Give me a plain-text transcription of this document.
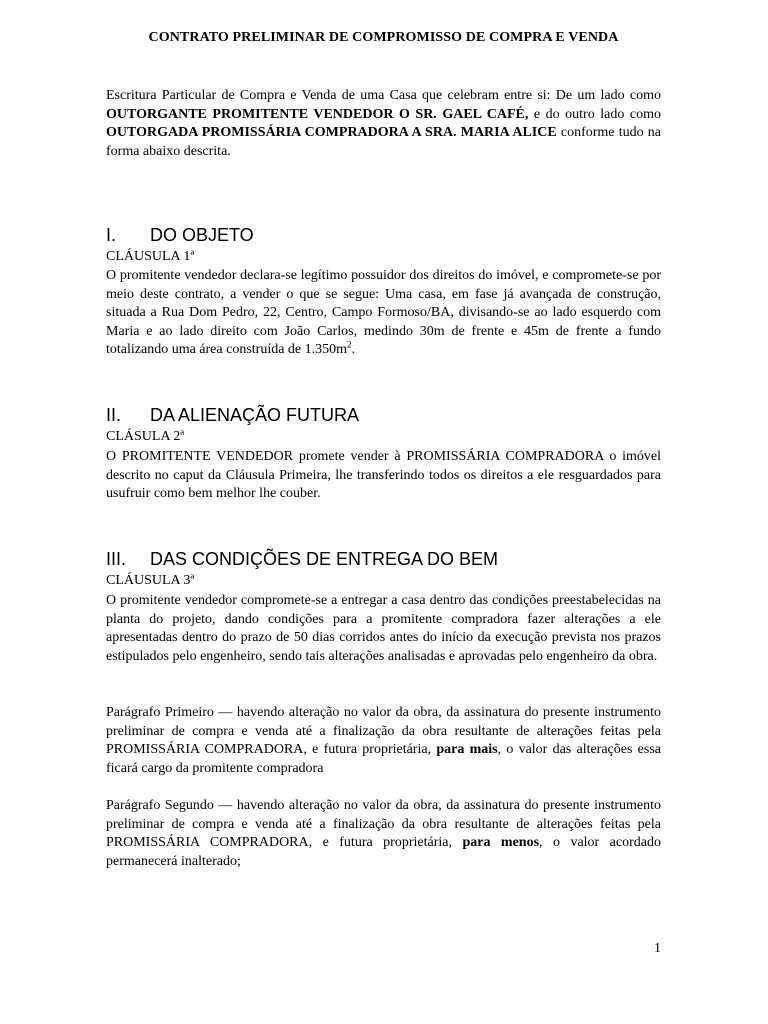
CONTRATO PRELIMINAR DE COMPROMISSO DE COMPRA E VENDA
Escritura Particular de Compra e Venda de uma Casa que celebram entre si: De um lado como OUTORGANTE PROMITENTE VENDEDOR O SR. GAEL CAFÉ, e do outro lado como OUTORGADA PROMISSÁRIA COMPRADORA A SRA. MARIA ALICE conforme tudo na forma abaixo descrita.
I. DO OBJETO
CLÁUSULA 1ª
O promitente vendedor declara-se legítimo possuidor dos direitos do imóvel, e compromete-se por meio deste contrato, a vender o que se segue: Uma casa, em fase já avançada de construção, situada a Rua Dom Pedro, 22, Centro, Campo Formoso/BA, divisando-se ao lado esquerdo com Maria e ao lado direito com João Carlos, medindo 30m de frente e 45m de frente a fundo totalizando uma área construída de $1.350m^2$.
II. DA ALIENAÇÃO FUTURA
CLÁSULA 2ª
O PROMITENTE VENDEDOR promete vender à PROMISSÁRIA COMPRADORA o imóvel descrito no caput da Cláusula Primeira, lhe transferindo todos os direitos a ele resguardados para usufruir como bem melhor lhe couber.
III. DAS CONDIÇÕES DE ENTREGA DO BEM
CLÁUSULA 3ª
O promitente vendedor compromete-se a entregar a casa dentro das condições preestabelecidas na planta do projeto, dando condições para a promitente compradora fazer alterações a ele apresentadas dentro do prazo de 50 dias corridos antes do início da execução prevista nos prazos estipulados pelo engenheiro, sendo tais alterações analisadas e aprovadas pelo engenheiro da obra.
Parágrafo Primeiro — havendo alteração no valor da obra, da assinatura do presente instrumento preliminar de compra e venda até a finalização da obra resultante de alterações feitas pela PROMISSÁRIA COMPRADORA, e futura proprietária, para mais, o valor das alterações essa ficará cargo da promitente compradora
Parágrafo Segundo — havendo alteração no valor da obra, da assinatura do presente instrumento preliminar de compra e venda até a finalização da obra resultante de alterações feitas pela PROMISSÁRIA COMPRADORA, e futura proprietária, para menos, o valor acordado permanecerá inalterado;
1
